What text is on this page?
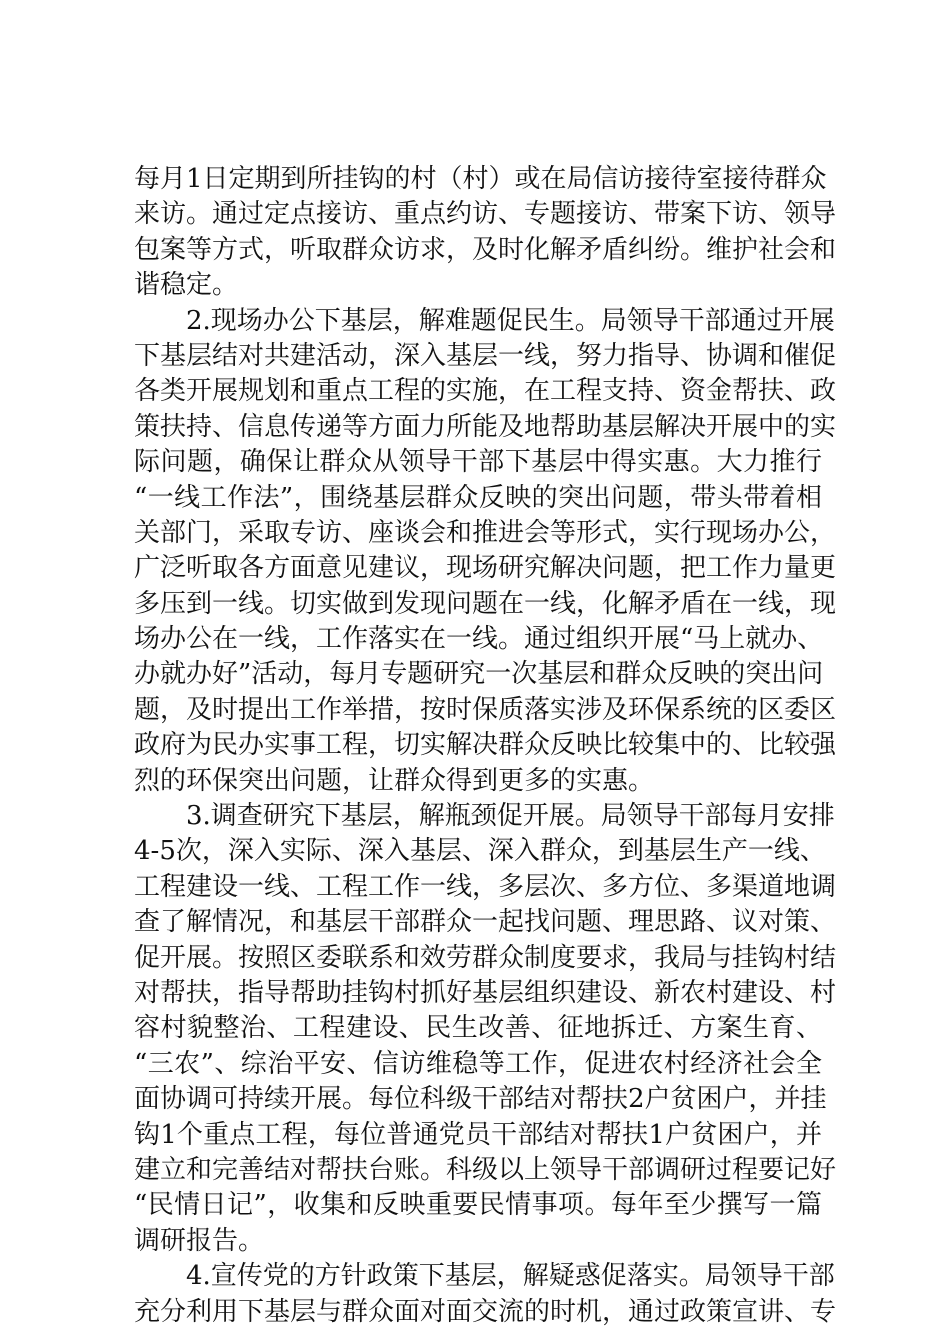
每月1日定期到所挂钩的村（村）或在局信访接待室接待群众
来访。通过定点接访、重点约访、专题接访、带案下访、领导
包案等方式，听取群众访求，及时化解矛盾纠纷。维护社会和
谐稳定。
2.现场办公下基层，解难题促民生。局领导干部通过开展
下基层结对共建活动，深入基层一线，努力指导、协调和催促
各类开展规划和重点工程的实施，在工程支持、资金帮扶、政
策扶持、信息传递等方面力所能及地帮助基层解决开展中的实
际问题，确保让群众从领导干部下基层中得实惠。大力推行
“一线工作法”，围绕基层群众反映的突出问题，带头带着相
关部门，采取专访、座谈会和推进会等形式，实行现场办公，
广泛听取各方面意见建议，现场研究解决问题，把工作力量更
多压到一线。切实做到发现问题在一线，化解矛盾在一线，现
场办公在一线，工作落实在一线。通过组织开展“马上就办、
办就办好”活动，每月专题研究一次基层和群众反映的突出问
题，及时提出工作举措，按时保质落实涉及环保系统的区委区
政府为民办实事工程，切实解决群众反映比较集中的、比较强
烈的环保突出问题，让群众得到更多的实惠。
3.调查研究下基层，解瓶颈促开展。局领导干部每月安排
4-5次，深入实际、深入基层、深入群众，到基层生产一线、
工程建设一线、工程工作一线，多层次、多方位、多渠道地调
查了解情况，和基层干部群众一起找问题、理思路、议对策、
促开展。按照区委联系和效劳群众制度要求，我局与挂钩村结
对帮扶，指导帮助挂钩村抓好基层组织建设、新农村建设、村
容村貌整治、工程建设、民生改善、征地拆迁、方案生育、
“三农”、综治平安、信访维稳等工作，促进农村经济社会全
面协调可持续开展。每位科级干部结对帮扶2户贫困户，并挂
钩1个重点工程，每位普通党员干部结对帮扶1户贫困户，并
建立和完善结对帮扶台账。科级以上领导干部调研过程要记好
“民情日记”，收集和反映重要民情事项。每年至少撰写一篇
调研报告。
4.宣传党的方针政策下基层，解疑惑促落实。局领导干部
充分利用下基层与群众面对面交流的时机，通过政策宣讲、专
